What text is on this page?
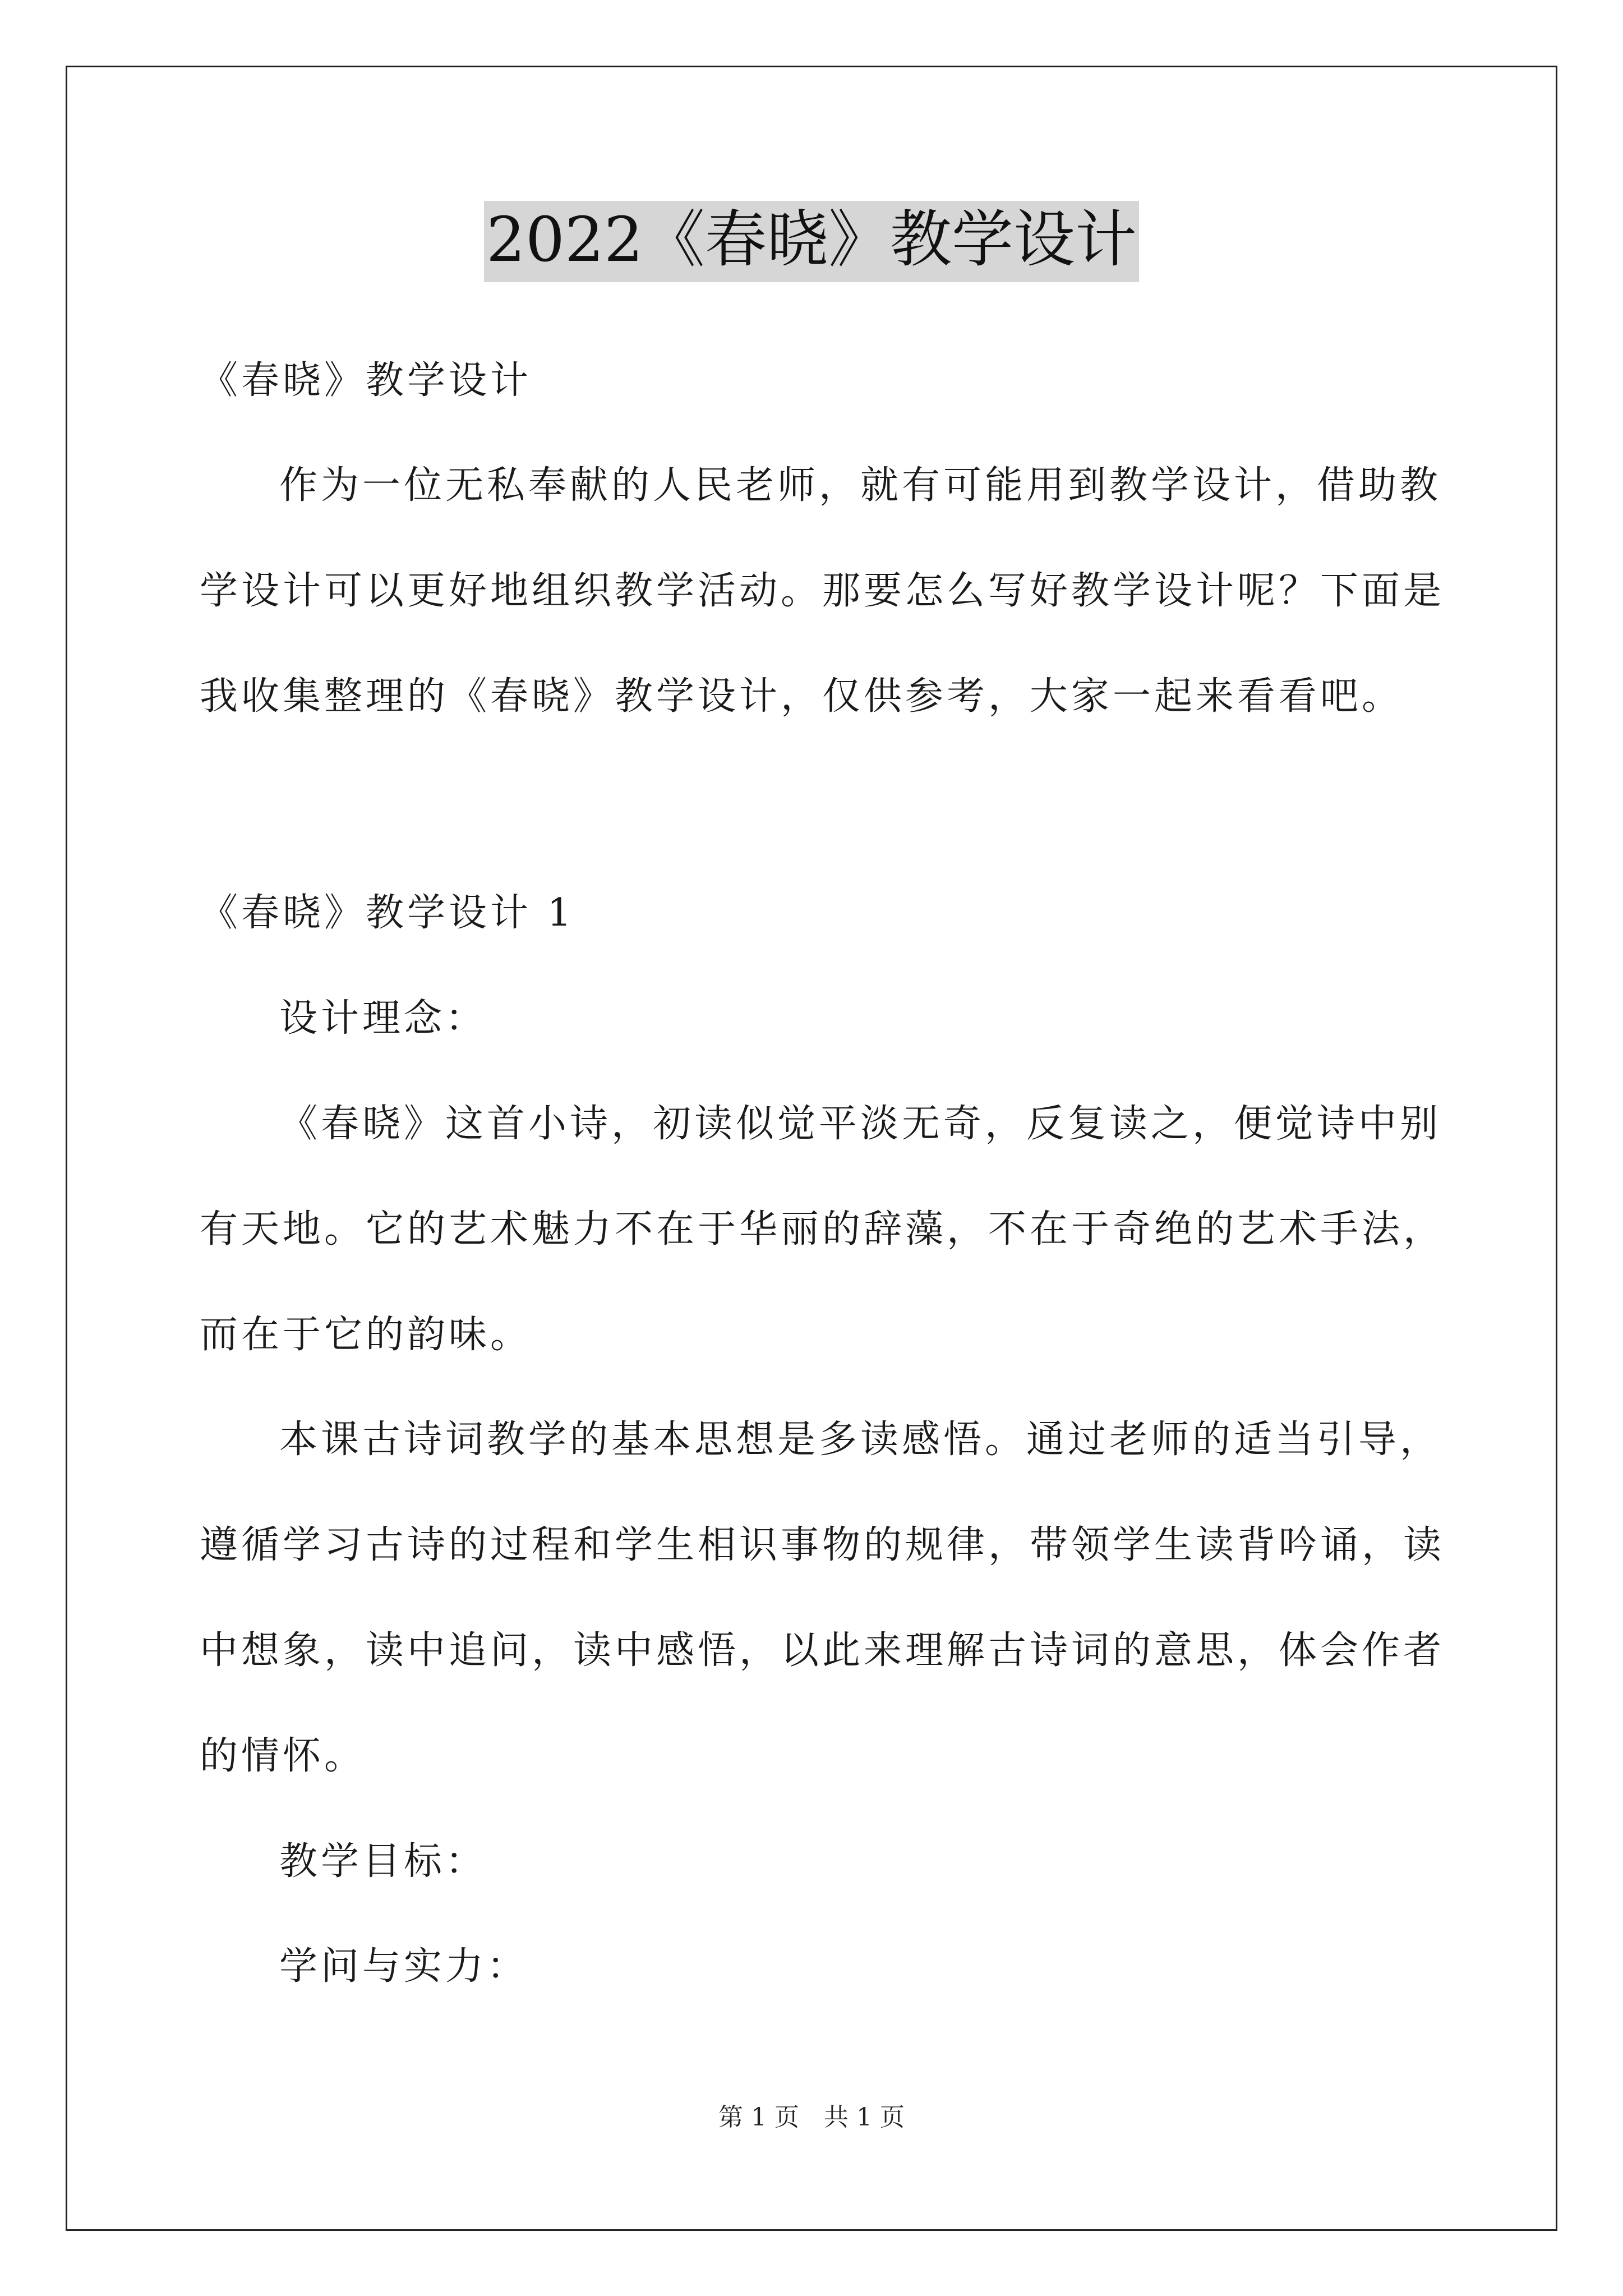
2022《春晓》教学设计
《春晓》教学设计
作为一位无私奉献的人民老师，就有可能用到教学设计，借助教
学设计可以更好地组织教学活动。那要怎么写好教学设计呢？下面是
我收集整理的《春晓》教学设计，仅供参考，大家一起来看看吧。
《春晓》教学设计 1
设计理念：
《春晓》这首小诗，初读似觉平淡无奇，反复读之，便觉诗中别
有天地。它的艺术魅力不在于华丽的辞藻，不在于奇绝的艺术手法，
而在于它的韵味。
本课古诗词教学的基本思想是多读感悟。通过老师的适当引导，
遵循学习古诗的过程和学生相识事物的规律，带领学生读背吟诵，读
中想象，读中追问，读中感悟，以此来理解古诗词的意思，体会作者
的情怀。
教学目标：
学问与实力：
第 1 页　共 1 页
